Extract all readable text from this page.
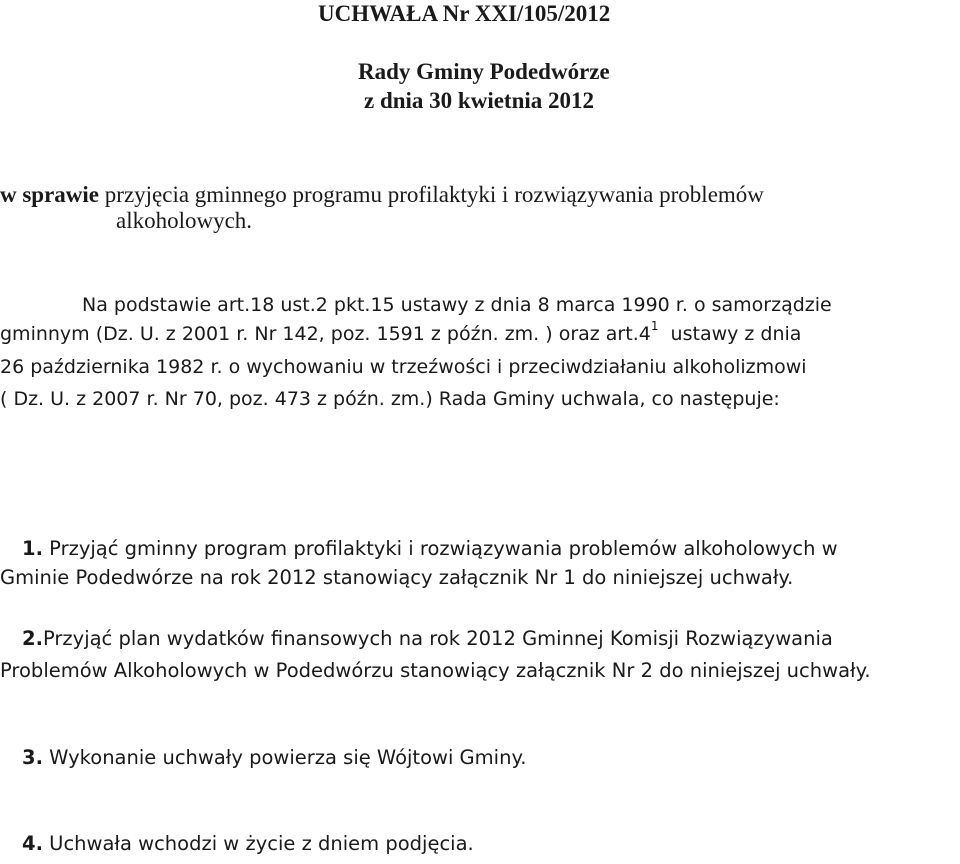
UCHWAŁA Nr XXI/105/2012
Rady Gminy Podedwórze
z dnia 30 kwietnia 2012
w sprawie przyjęcia gminnego programu profilaktyki i rozwiązywania problemów
alkoholowych.
Na podstawie art.18 ust.2 pkt.15 ustawy z dnia 8 marca 1990 r. o samorządzie
gminnym (Dz. U. z 2001 r. Nr 142, poz. 1591 z późn. zm. ) oraz $art.4^1$  ustawy z dnia
26 października 1982 r. o wychowaniu w trzeźwości i przeciwdziałaniu alkoholizmowi
( Dz. U. z 2007 r. Nr 70, poz. 473 z późn. zm.) Rada Gminy uchwala, co następuje:
1. Przyjąć gminny program profilaktyki i rozwiązywania problemów alkoholowych w
Gminie Podedwórze na rok 2012 stanowiący załącznik Nr 1 do niniejszej uchwały.
2.Przyjąć plan wydatków finansowych na rok 2012 Gminnej Komisji Rozwiązywania
Problemów Alkoholowych w Podedwórzu stanowiący załącznik Nr 2 do niniejszej uchwały.
3. Wykonanie uchwały powierza się Wójtowi Gminy.
4. Uchwała wchodzi w życie z dniem podjęcia.
